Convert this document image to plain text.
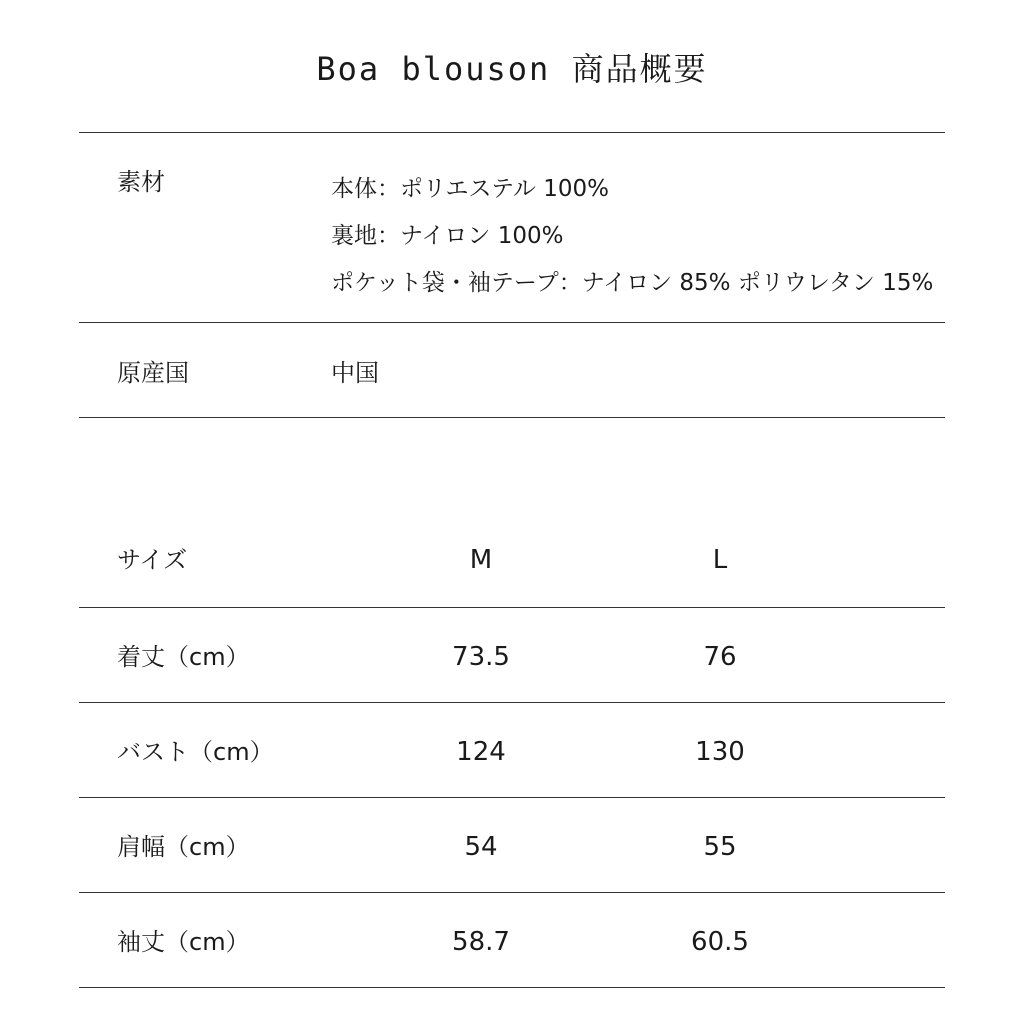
Boa blouson 商品概要
素材	本体：ポリエステル 100%
裏地：ナイロン 100%
ポケット袋・袖テープ：ナイロン 85% ポリウレタン 15%
原産国	中国
サイズ	M	L
着丈（cm）	73.5	76
バスト（cm）	124	130
肩幅（cm）	54	55
袖丈（cm）	58.7	60.5
